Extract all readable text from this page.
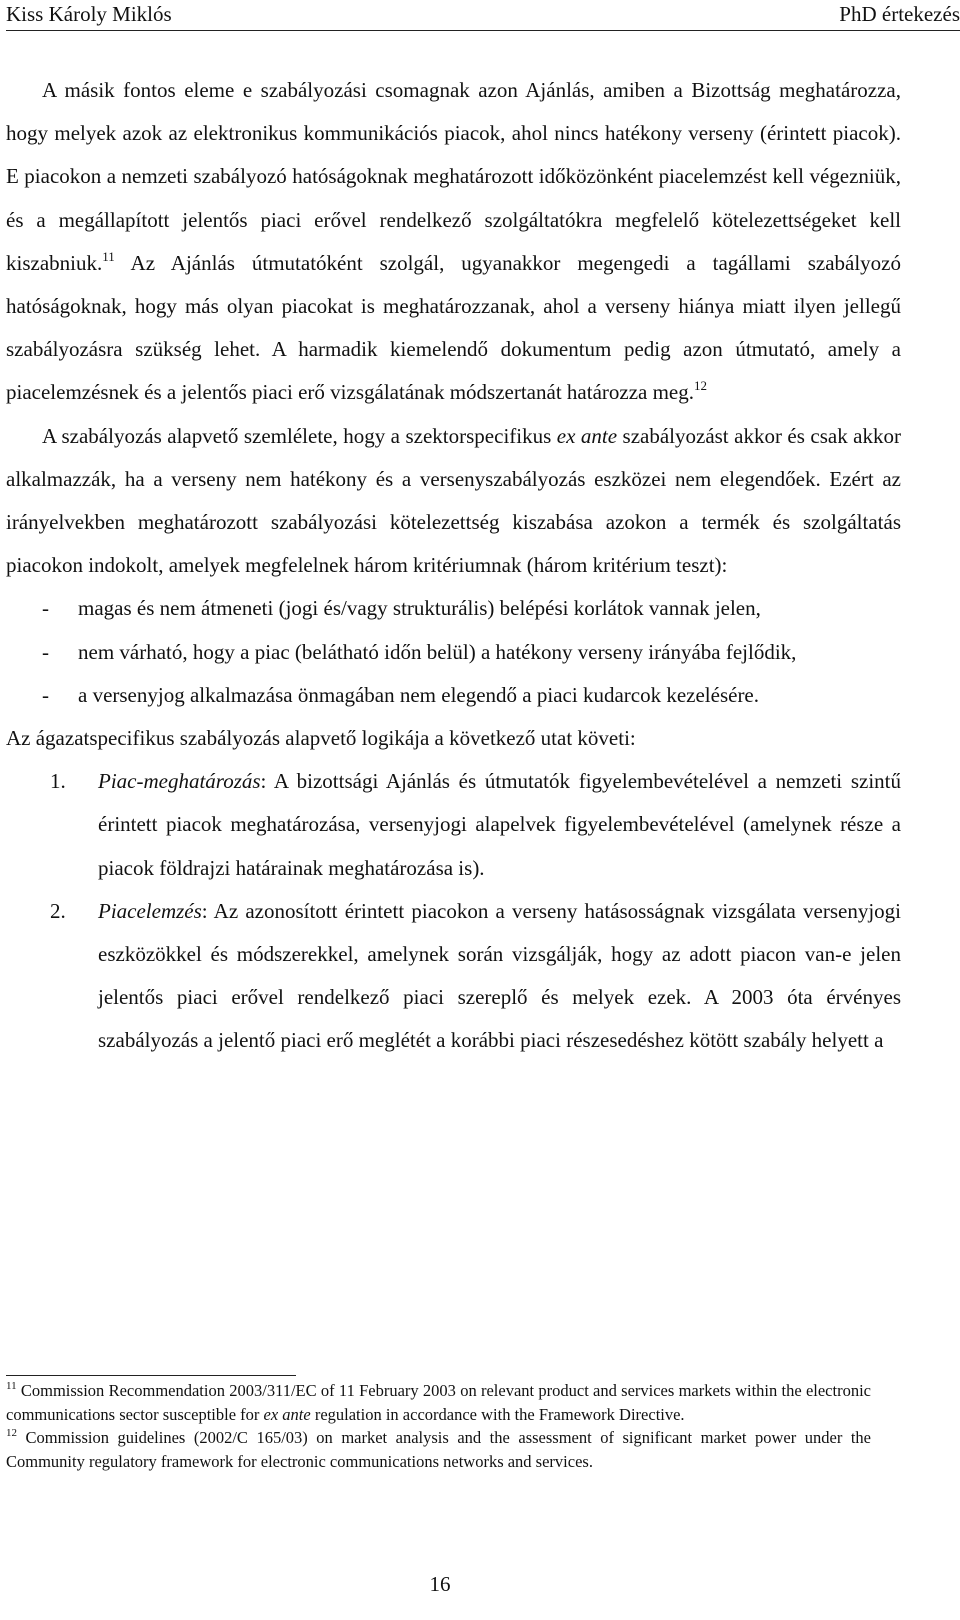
Kiss Károly Miklós	PhD értekezés

A másik fontos eleme e szabályozási csomagnak azon Ajánlás, amiben a Bizottság meghatározza, hogy melyek azok az elektronikus kommunikációs piacok, ahol nincs hatékony verseny (érintett piacok). E piacokon a nemzeti szabályozó hatóságoknak meghatározott időközönként piacelemzést kell végezniük, és a megállapított jelentős piaci erővel rendelkező szolgáltatókra megfelelő kötelezettségeket kell kiszabniuk.$^{11}$ Az Ajánlás útmutatóként szolgál, ugyanakkor megengedi a tagállami szabályozó hatóságoknak, hogy más olyan piacokat is meghatározzanak, ahol a verseny hiánya miatt ilyen jellegű szabályozásra szükség lehet. A harmadik kiemelendő dokumentum pedig azon útmutató, amely a piacelemzésnek és a jelentős piaci erő vizsgálatának módszertanát határozza meg.$^{12}$

A szabályozás alapvető szemlélete, hogy a szektorspecifikus ex ante szabályozást akkor és csak akkor alkalmazzák, ha a verseny nem hatékony és a versenyszabályozás eszközei nem elegendőek. Ezért az irányelvekben meghatározott szabályozási kötelezettség kiszabása azokon a termék és szolgáltatás piacokon indokolt, amelyek megfelelnek három kritériumnak (három kritérium teszt):

- magas és nem átmeneti (jogi és/vagy strukturális) belépési korlátok vannak jelen,
- nem várható, hogy a piac (belátható időn belül) a hatékony verseny irányába fejlődik,
- a versenyjog alkalmazása önmagában nem elegendő a piaci kudarcok kezelésére.

Az ágazatspecifikus szabályozás alapvető logikája a következő utat követi:

1. Piac-meghatározás: A bizottsági Ajánlás és útmutatók figyelembevételével a nemzeti szintű érintett piacok meghatározása, versenyjogi alapelvek figyelembevételével (amelynek része a piacok földrajzi határainak meghatározása is).
2. Piacelemzés: Az azonosított érintett piacokon a verseny hatásosságnak vizsgálata versenyjogi eszközökkel és módszerekkel, amelynek során vizsgálják, hogy az adott piacon van-e jelen jelentős piaci erővel rendelkező piaci szereplő és melyek ezek. A 2003 óta érvényes szabályozás a jelentő piaci erő meglétét a korábbi piaci részesedéshez kötött szabály helyett a

$^{11}$ Commission Recommendation 2003/311/EC of 11 February 2003 on relevant product and services markets within the electronic communications sector susceptible for ex ante regulation in accordance with the Framework Directive.

$^{12}$ Commission guidelines (2002/C 165/03) on market analysis and the assessment of significant market power under the Community regulatory framework for electronic communications networks and services.

16
